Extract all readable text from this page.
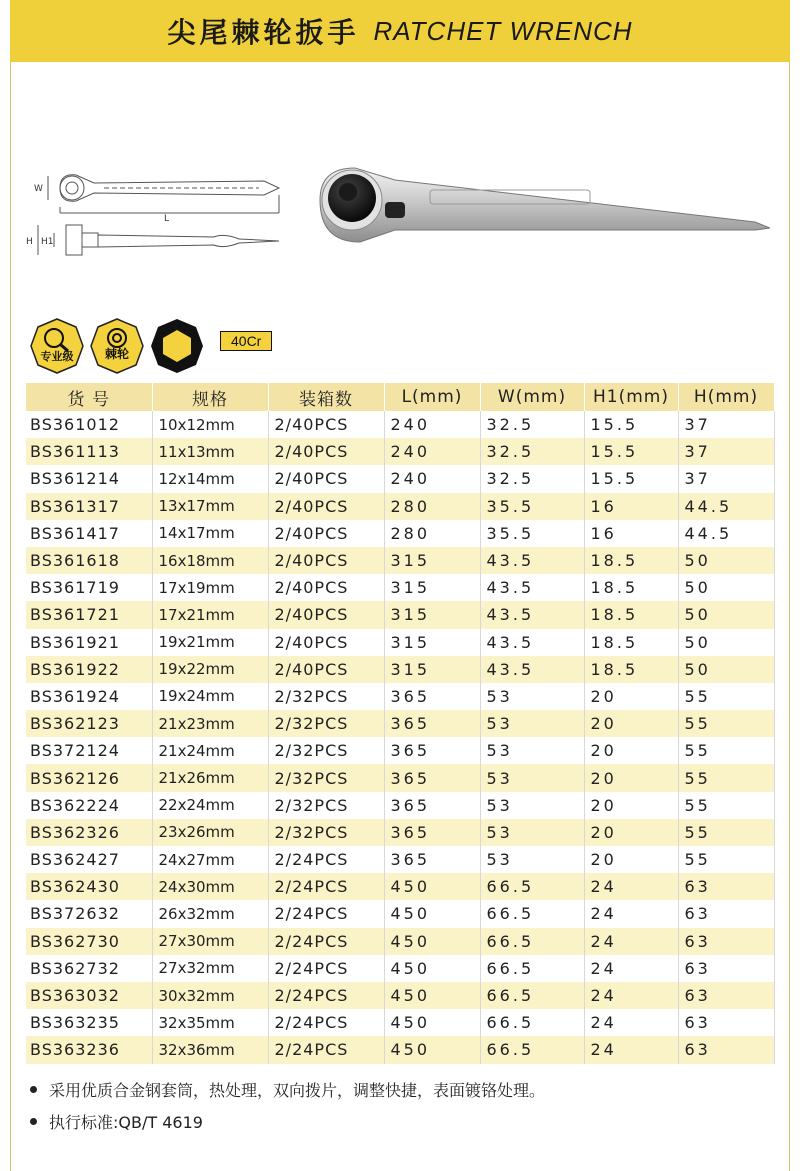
尖尾棘轮扳手 RATCHET WRENCH
W
L
H H1
专业级	棘轮
40Cr
货 号	规格	装箱数	L(mm)	W(mm)	H1(mm)	H(mm)
BS361012	10x12mm	2/40PCS	240	32.5	15.5	37
BS361113	11x13mm	2/40PCS	240	32.5	15.5	37
BS361214	12x14mm	2/40PCS	240	32.5	15.5	37
BS361317	13x17mm	2/40PCS	280	35.5	16	44.5
BS361417	14x17mm	2/40PCS	280	35.5	16	44.5
BS361618	16x18mm	2/40PCS	315	43.5	18.5	50
BS361719	17x19mm	2/40PCS	315	43.5	18.5	50
BS361721	17x21mm	2/40PCS	315	43.5	18.5	50
BS361921	19x21mm	2/40PCS	315	43.5	18.5	50
BS361922	19x22mm	2/40PCS	315	43.5	18.5	50
BS361924	19x24mm	2/32PCS	365	53	20	55
BS362123	21x23mm	2/32PCS	365	53	20	55
BS372124	21x24mm	2/32PCS	365	53	20	55
BS362126	21x26mm	2/32PCS	365	53	20	55
BS362224	22x24mm	2/32PCS	365	53	20	55
BS362326	23x26mm	2/32PCS	365	53	20	55
BS362427	24x27mm	2/24PCS	365	53	20	55
BS362430	24x30mm	2/24PCS	450	66.5	24	63
BS372632	26x32mm	2/24PCS	450	66.5	24	63
BS362730	27x30mm	2/24PCS	450	66.5	24	63
BS362732	27x32mm	2/24PCS	450	66.5	24	63
BS363032	30x32mm	2/24PCS	450	66.5	24	63
BS363235	32x35mm	2/24PCS	450	66.5	24	63
BS363236	32x36mm	2/24PCS	450	66.5	24	63
采用优质合金钢套筒，热处理，双向拨片，调整快捷，表面镀铬处理。
执行标准:QB/T 4619
